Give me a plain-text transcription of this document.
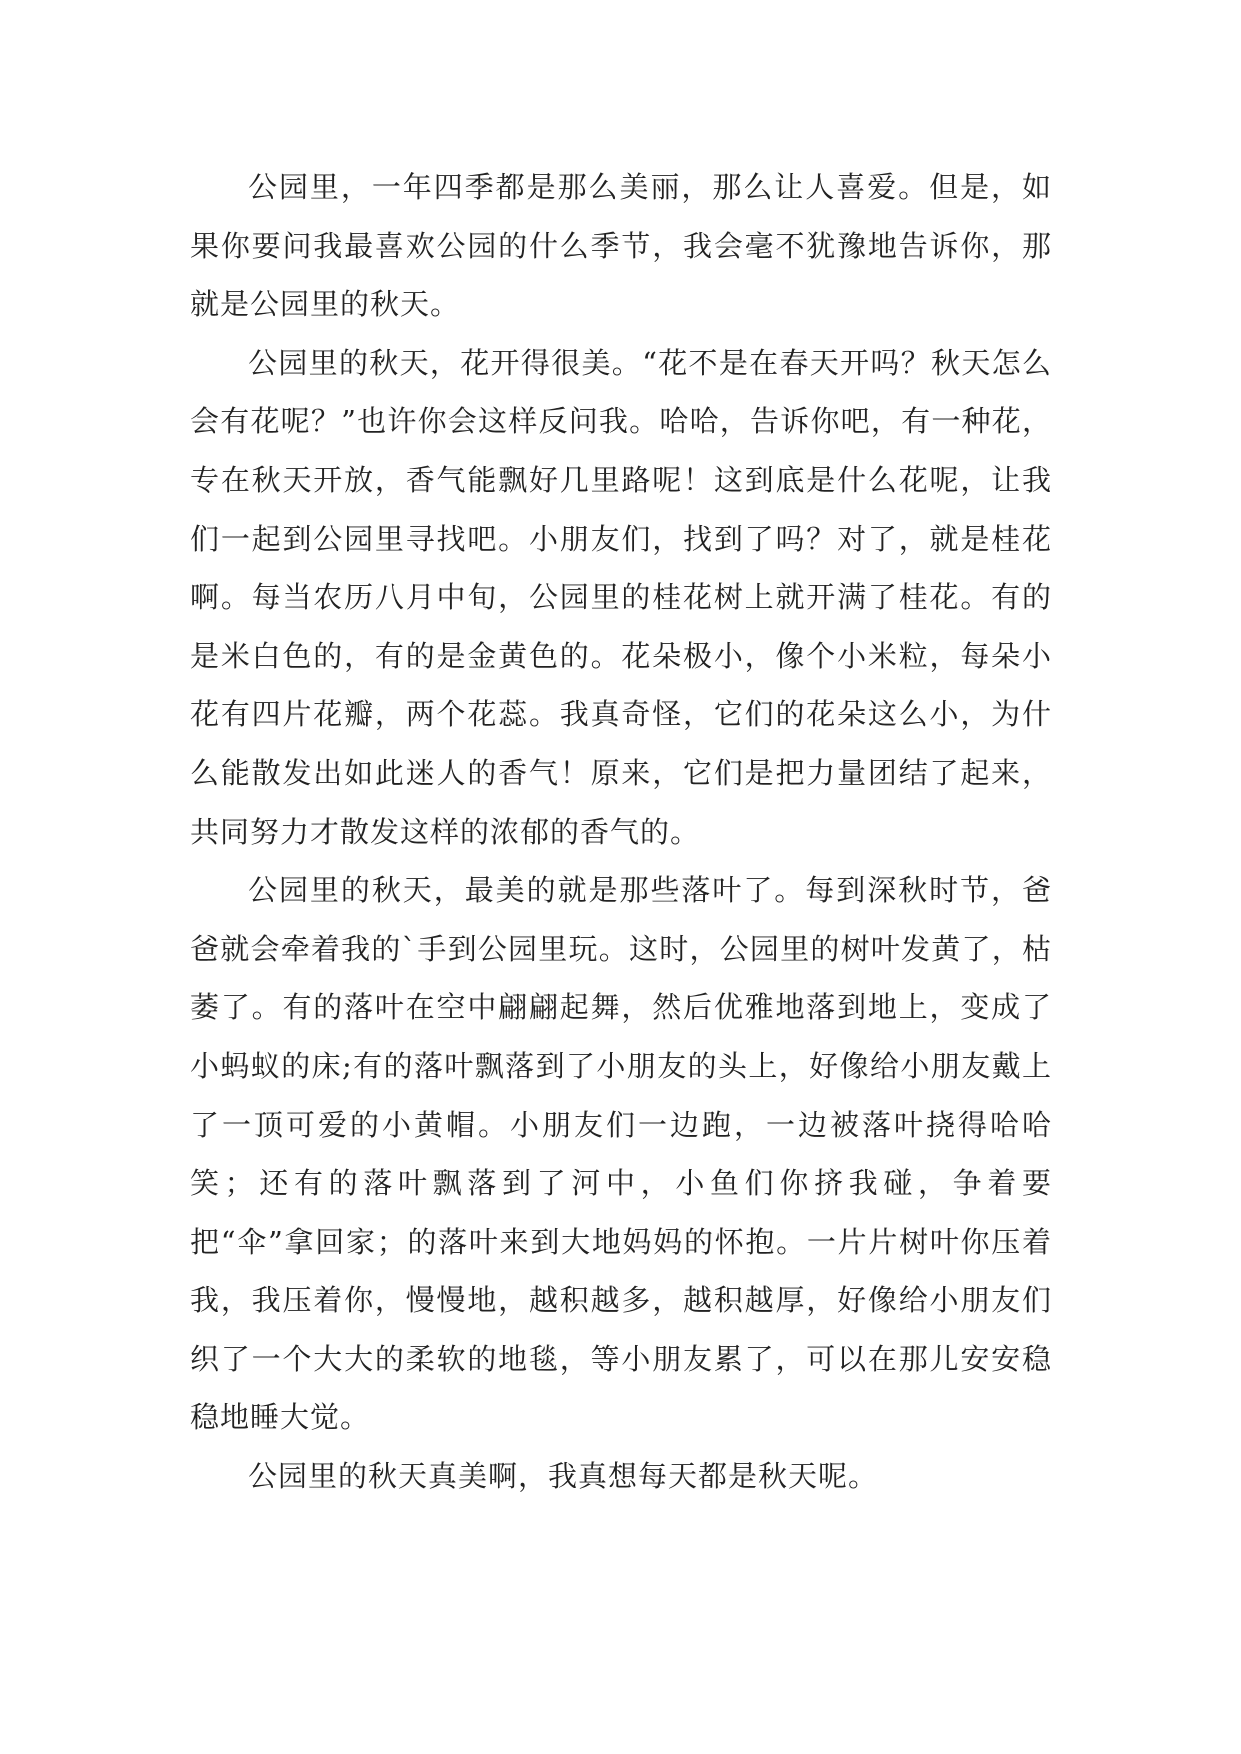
公园里，一年四季都是那么美丽，那么让人喜爱。但是，如果你要问我最喜欢公园的什么季节，我会毫不犹豫地告诉你，那就是公园里的秋天。

公园里的秋天，花开得很美。“花不是在春天开吗？秋天怎么会有花呢？”也许你会这样反问我。哈哈，告诉你吧，有一种花，专在秋天开放，香气能飘好几里路呢！这到底是什么花呢，让我们一起到公园里寻找吧。小朋友们，找到了吗？对了，就是桂花啊。每当农历八月中旬，公园里的桂花树上就开满了桂花。有的是米白色的，有的是金黄色的。花朵极小，像个小米粒，每朵小花有四片花瓣，两个花蕊。我真奇怪，它们的花朵这么小，为什么能散发出如此迷人的香气！原来，它们是把力量团结了起来，共同努力才散发这样的浓郁的香气的。

公园里的秋天，最美的就是那些落叶了。每到深秋时节，爸爸就会牵着我的`手到公园里玩。这时，公园里的树叶发黄了，枯萎了。有的落叶在空中翩翩起舞，然后优雅地落到地上，变成了小蚂蚁的床;有的落叶飘落到了小朋友的头上，好像给小朋友戴上了一顶可爱的小黄帽。小朋友们一边跑，一边被落叶挠得哈哈笑；还有的落叶飘落到了河中，小鱼们你挤我碰，争着要把“伞”拿回家；的落叶来到大地妈妈的怀抱。一片片树叶你压着我，我压着你，慢慢地，越积越多，越积越厚，好像给小朋友们织了一个大大的柔软的地毯，等小朋友累了，可以在那儿安安稳稳地睡大觉。

公园里的秋天真美啊，我真想每天都是秋天呢。
